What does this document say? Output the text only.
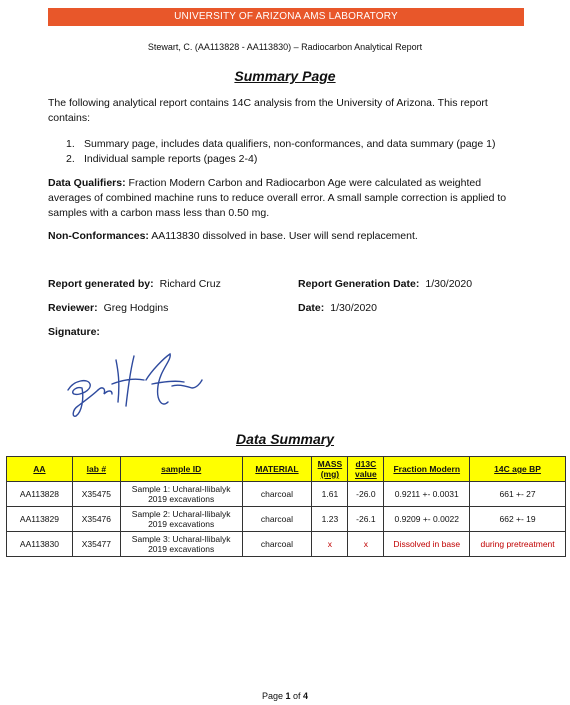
UNIVERSITY OF ARIZONA AMS LABORATORY
Stewart, C. (AA113828 - AA113830) – Radiocarbon Analytical Report
Summary Page
The following analytical report contains 14C analysis from the University of Arizona. This report contains:
1. Summary page, includes data qualifiers, non-conformances, and data summary (page 1)
2. Individual sample reports (pages 2-4)
Data Qualifiers: Fraction Modern Carbon and Radiocarbon Age were calculated as weighted averages of combined machine runs to reduce overall error. A small sample correction is applied to samples with a carbon mass less than 0.50 mg.
Non-Conformances: AA113830 dissolved in base. User will send replacement.
Report generated by: Richard Cruz	Report Generation Date: 1/30/2020
Reviewer: Greg Hodgins	Date: 1/30/2020
Signature:
Data Summary
AA	lab #	sample ID	MATERIAL	MASS (mg)	d13C value	Fraction Modern	14C age BP
AA113828	X35475	Sample 1: Ucharal-Ilibalyk 2019 excavations	charcoal	1.61	-26.0	0.9211 +- 0.0031	661 +- 27
AA113829	X35476	Sample 2: Ucharal-Ilibalyk 2019 excavations	charcoal	1.23	-26.1	0.9209 +- 0.0022	662 +- 19
AA113830	X35477	Sample 3: Ucharal-Ilibalyk 2019 excavations	charcoal	x	x	Dissolved in base	during pretreatment
Page 1 of 4
